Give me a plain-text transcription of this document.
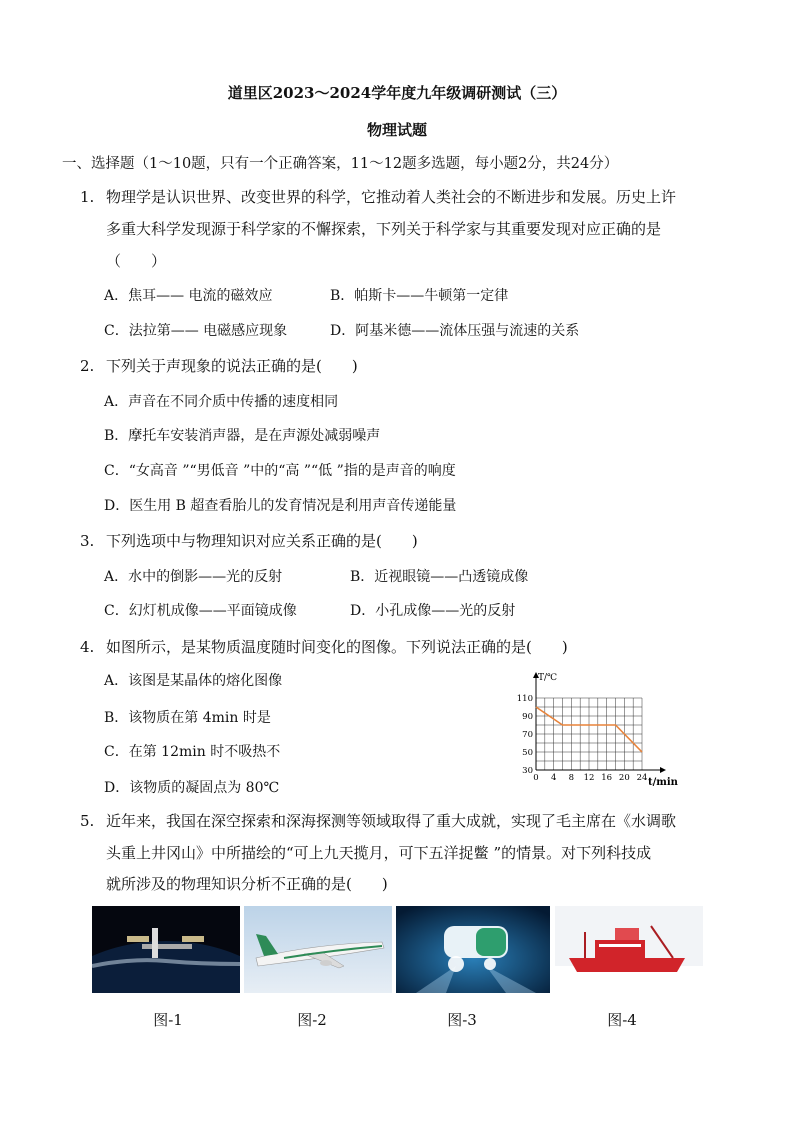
道里区2023～2024学年度九年级调研测试（三）
物理试题
一、选择题（1～10题，只有一个正确答案，11～12题多选题，每小题2分，共24分）
1. 物理学是认识世界、改变世界的科学，它推动着人类社会的不断进步和发展。历史上许
多重大科学发现源于科学家的不懈探索，下列关于科学家与其重要发现对应正确的是
（　　）
A．焦耳—— 电流的磁效应	B．帕斯卡——牛顿第一定律
C．法拉第—— 电磁感应现象	D．阿基米德——流体压强与流速的关系
2. 下列关于声现象的说法正确的是(　　)
A．声音在不同介质中传播的速度相同
B．摩托车安装消声器，是在声源处减弱噪声
C．“女高音 ”“男低音 ”中的“高 ”“低 ”指的是声音的响度
D．医生用 B 超查看胎儿的发育情况是利用声音传递能量
3. 下列选项中与物理知识对应关系正确的是(　　)
A．水中的倒影——光的反射	B．近视眼镜——凸透镜成像
C．幻灯机成像——平面镜成像	D．小孔成像——光的反射
4. 如图所示，是某物质温度随时间变化的图像。下列说法正确的是(　　)
A．该图是某晶体的熔化图像
B．该物质在第 4min 时是
C．在第 12min 时不吸热不
D．该物质的凝固点为 80℃
0 4 8 12 16 20 24
30
50
70
90
110
T/℃
t/min
5. 近年来，我国在深空探索和深海探测等领域取得了重大成就，实现了毛主席在《水调歌
头重上井冈山》中所描绘的“可上九天揽月，可下五洋捉鳖 ”的情景。对下列科技成
就所涉及的物理知识分析不正确的是(　　)
图-1	图-2	图-3	图-4
